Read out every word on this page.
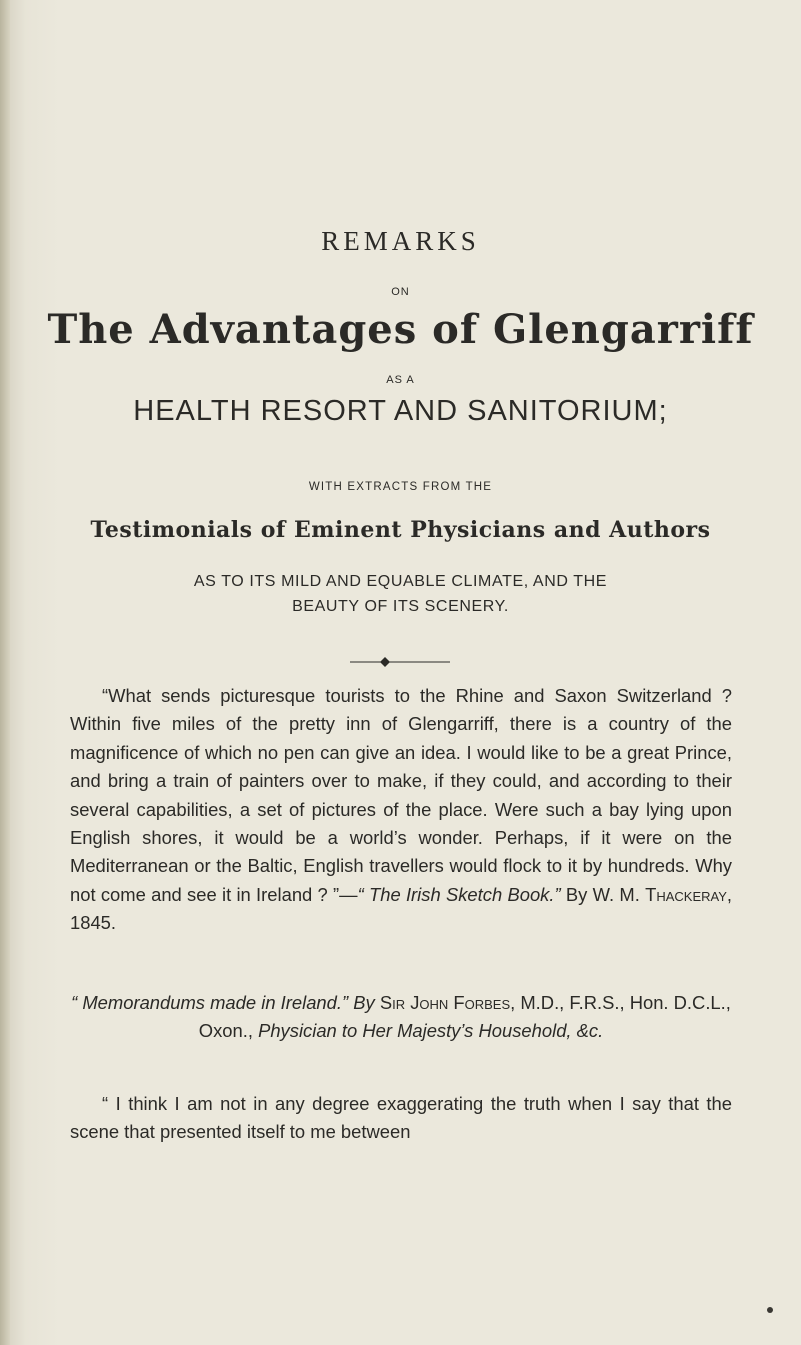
REMARKS
ON
The Advantages of Glengarriff
AS A
HEALTH RESORT AND SANITORIUM;
WITH EXTRACTS FROM THE
Testimonials of Eminent Physicians and Authors
AS TO ITS MILD AND EQUABLE CLIMATE, AND THE
BEAUTY OF ITS SCENERY.
“What sends picturesque tourists to the Rhine and Saxon Switzerland ? Within five miles of the pretty inn of Glengarriff, there is a country of the magnificence of which no pen can give an idea. I would like to be a great Prince, and bring a train of painters over to make, if they could, and according to their several capabilities, a set of pictures of the place. Were such a bay lying upon English shores, it would be a world’s wonder. Perhaps, if it were on the Mediterranean or the Baltic, English travellers would flock to it by hundreds. Why not come and see it in Ireland ? ”—“ The Irish Sketch Book.” By W. M. Thackeray, 1845.
“ Memorandums made in Ireland.” By Sir John Forbes, M.D., F.R.S., Hon. D.C.L., Oxon., Physician to Her Majesty’s Household, &c.
“ I think I am not in any degree exaggerating the truth when I say that the scene that presented itself to me between
